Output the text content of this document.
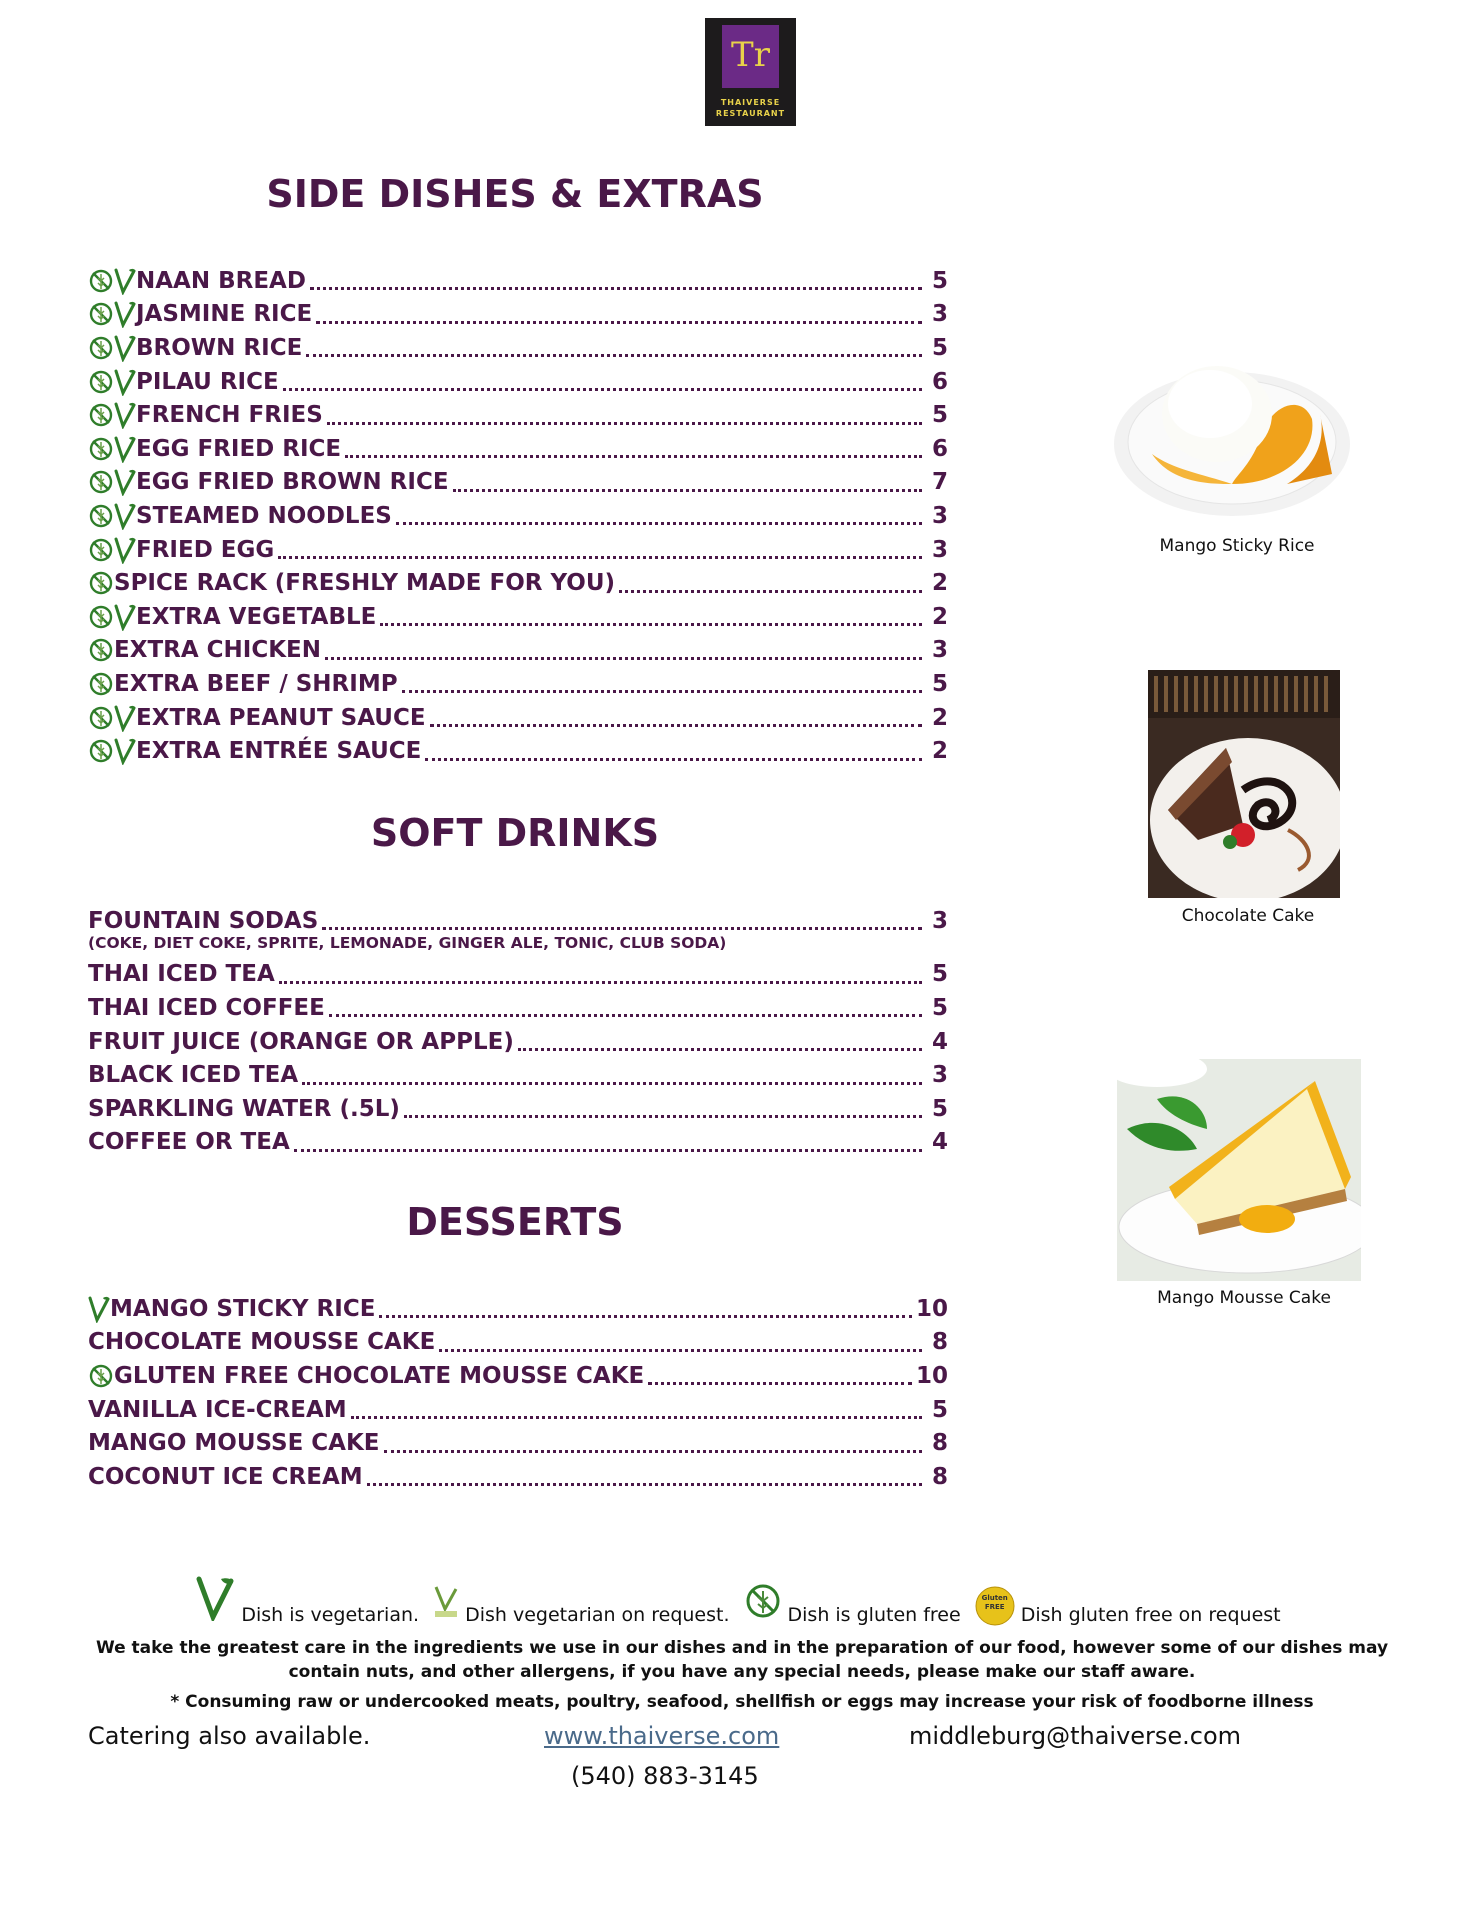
Tr
THAIVERSE
RESTAURANT
SIDE DISHES & EXTRAS
SOFT DRINKS
DESSERTS
NAAN BREAD	5
JASMINE RICE	3
BROWN RICE	5
PILAU RICE	6
FRENCH FRIES	5
EGG FRIED RICE	6
EGG FRIED BROWN RICE	7
STEAMED NOODLES	3
FRIED EGG	3
SPICE RACK (FRESHLY MADE FOR YOU)	2
EXTRA VEGETABLE	2
EXTRA CHICKEN	3
EXTRA BEEF / SHRIMP	5
EXTRA PEANUT SAUCE	2
EXTRA ENTRÉE SAUCE	2
FOUNTAIN SODAS	3
(COKE, DIET COKE, SPRITE, LEMONADE, GINGER ALE, TONIC, CLUB SODA)
THAI ICED TEA	5
THAI ICED COFFEE	5
FRUIT JUICE (ORANGE OR APPLE)	4
BLACK ICED TEA	3
SPARKLING WATER (.5L)	5
COFFEE OR TEA	4
MANGO STICKY RICE	10
CHOCOLATE MOUSSE CAKE	8
GLUTEN FREE CHOCOLATE MOUSSE CAKE	10
VANILLA ICE-CREAM	5
MANGO MOUSSE CAKE	8
COCONUT ICE CREAM	8
Mango Sticky Rice
Chocolate Cake
Mango Mousse Cake
Dish is vegetarian. Dish vegetarian on request.	Dish is gluten free
Gluten FREE Dish gluten free on request
We take the greatest care in the ingredients we use in our dishes and in the preparation of our food, however some of our dishes may contain nuts, and other allergens, if you have any special needs, please make our staff aware.
* Consuming raw or undercooked meats, poultry, seafood, shellfish or eggs may increase your risk of foodborne illness
Catering also available.	www.thaiverse.com	middleburg@thaiverse.com
(540) 883-3145
